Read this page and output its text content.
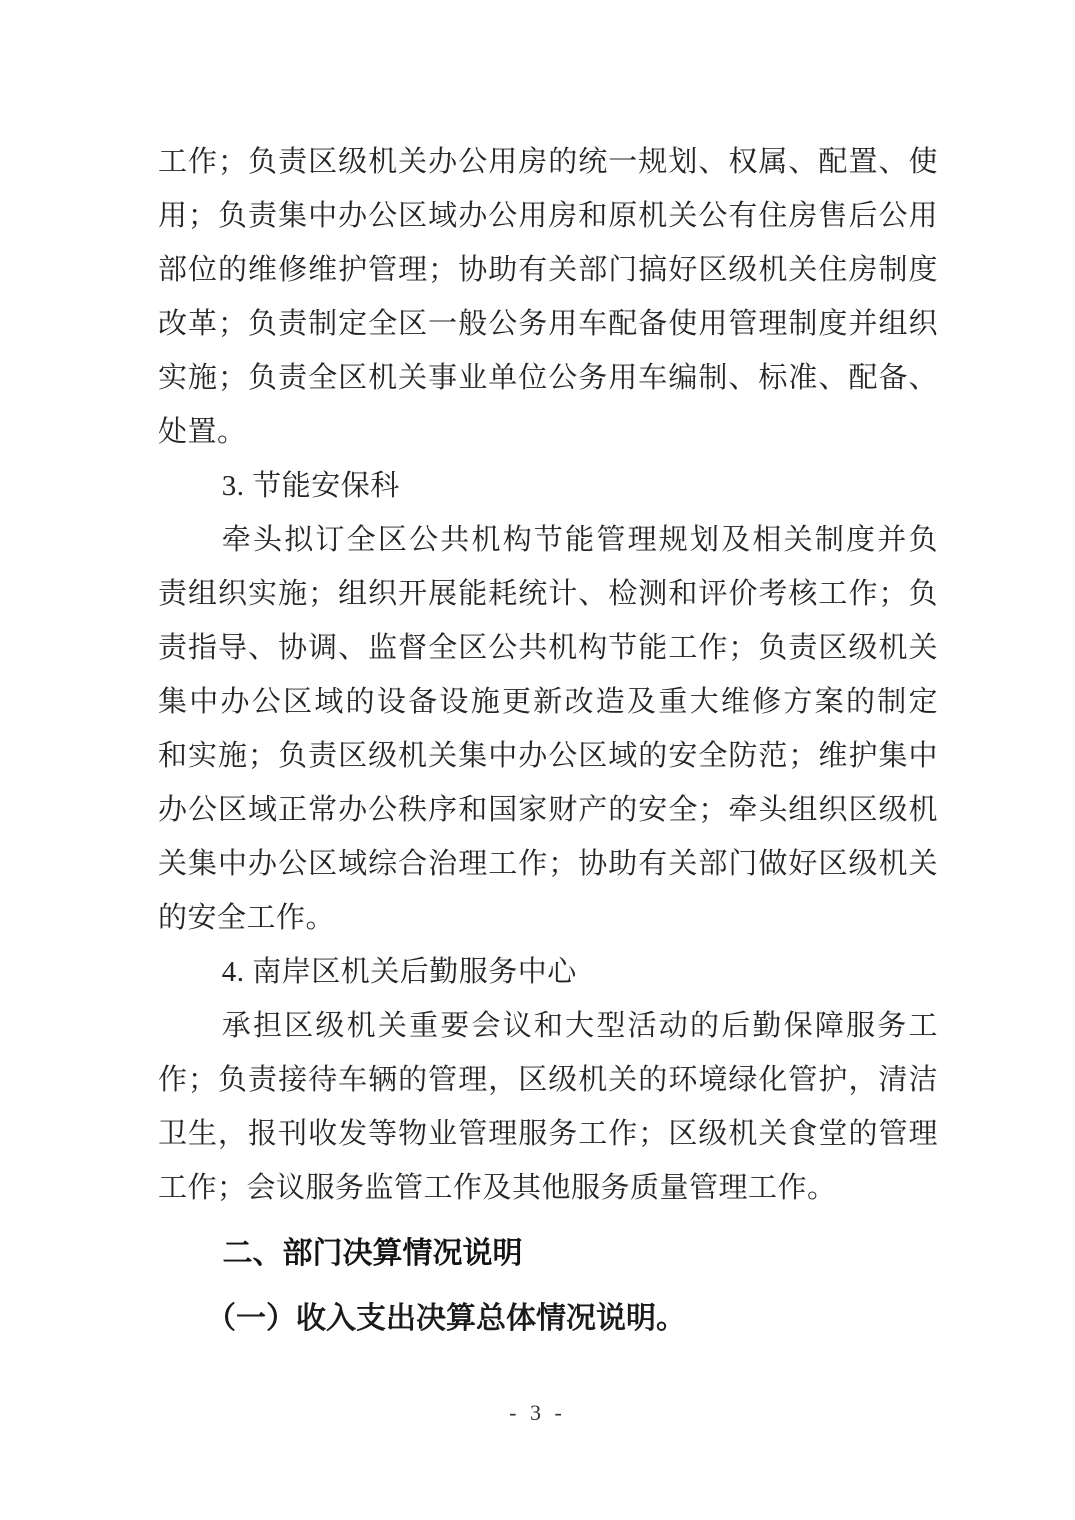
工作；负责区级机关办公用房的统一规划、权属、配置、使
用；负责集中办公区域办公用房和原机关公有住房售后公用
部位的维修维护管理；协助有关部门搞好区级机关住房制度
改革；负责制定全区一般公务用车配备使用管理制度并组织
实施；负责全区机关事业单位公务用车编制、标准、配备、
处置。
3. 节能安保科
牵头拟订全区公共机构节能管理规划及相关制度并负
责组织实施；组织开展能耗统计、检测和评价考核工作；负
责指导、协调、监督全区公共机构节能工作；负责区级机关
集中办公区域的设备设施更新改造及重大维修方案的制定
和实施；负责区级机关集中办公区域的安全防范；维护集中
办公区域正常办公秩序和国家财产的安全；牵头组织区级机
关集中办公区域综合治理工作；协助有关部门做好区级机关
的安全工作。
4. 南岸区机关后勤服务中心
承担区级机关重要会议和大型活动的后勤保障服务工
作；负责接待车辆的管理，区级机关的环境绿化管护，清洁
卫生，报刊收发等物业管理服务工作；区级机关食堂的管理
工作；会议服务监管工作及其他服务质量管理工作。
二、部门决算情况说明
（一）收入支出决算总体情况说明。
- 3 -
